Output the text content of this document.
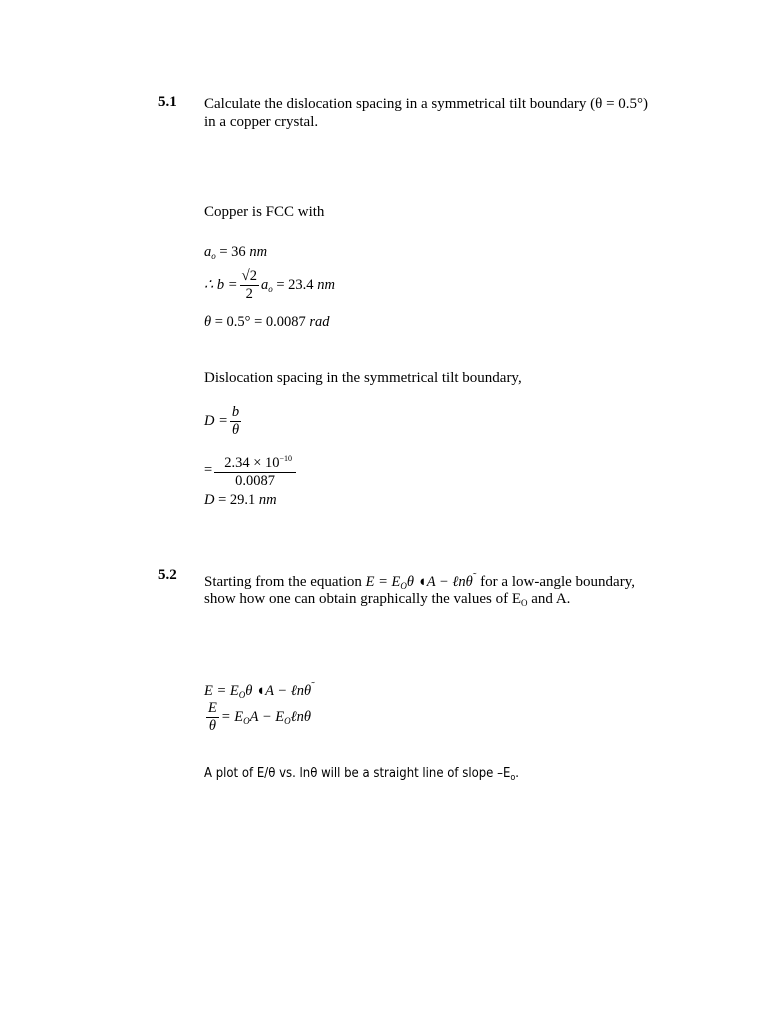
5.1 Calculate the dislocation spacing in a symmetrical tilt boundary (θ = 0.5°)
in a copper crystal.
Copper is FCC with
$a_o = 36$ nm
∴ $b = \frac{√2}{2} a_o = 23.4$ nm
θ = 0.5° = 0.0087 rad
Dislocation spacing in the symmetrical tilt boundary,
$D = \frac{b}{\theta}$
= $\frac{2.34 \times 10^{-10}}{0.0087}$
D = 29.1 nm
5.2 Starting from the equation $E = E_O\theta$ ◖A − ℓnθ˜ for a low-angle boundary,
show how one can obtain graphically the values of $E_O$ and A.
$E = E_O\theta$ ◖A − ℓnθ˜
$\frac{E}{\theta} = E_OA$ − $E_O\ell n\theta$
A plot of E/θ vs. lnθ will be a straight line of slope $-E_o$.
